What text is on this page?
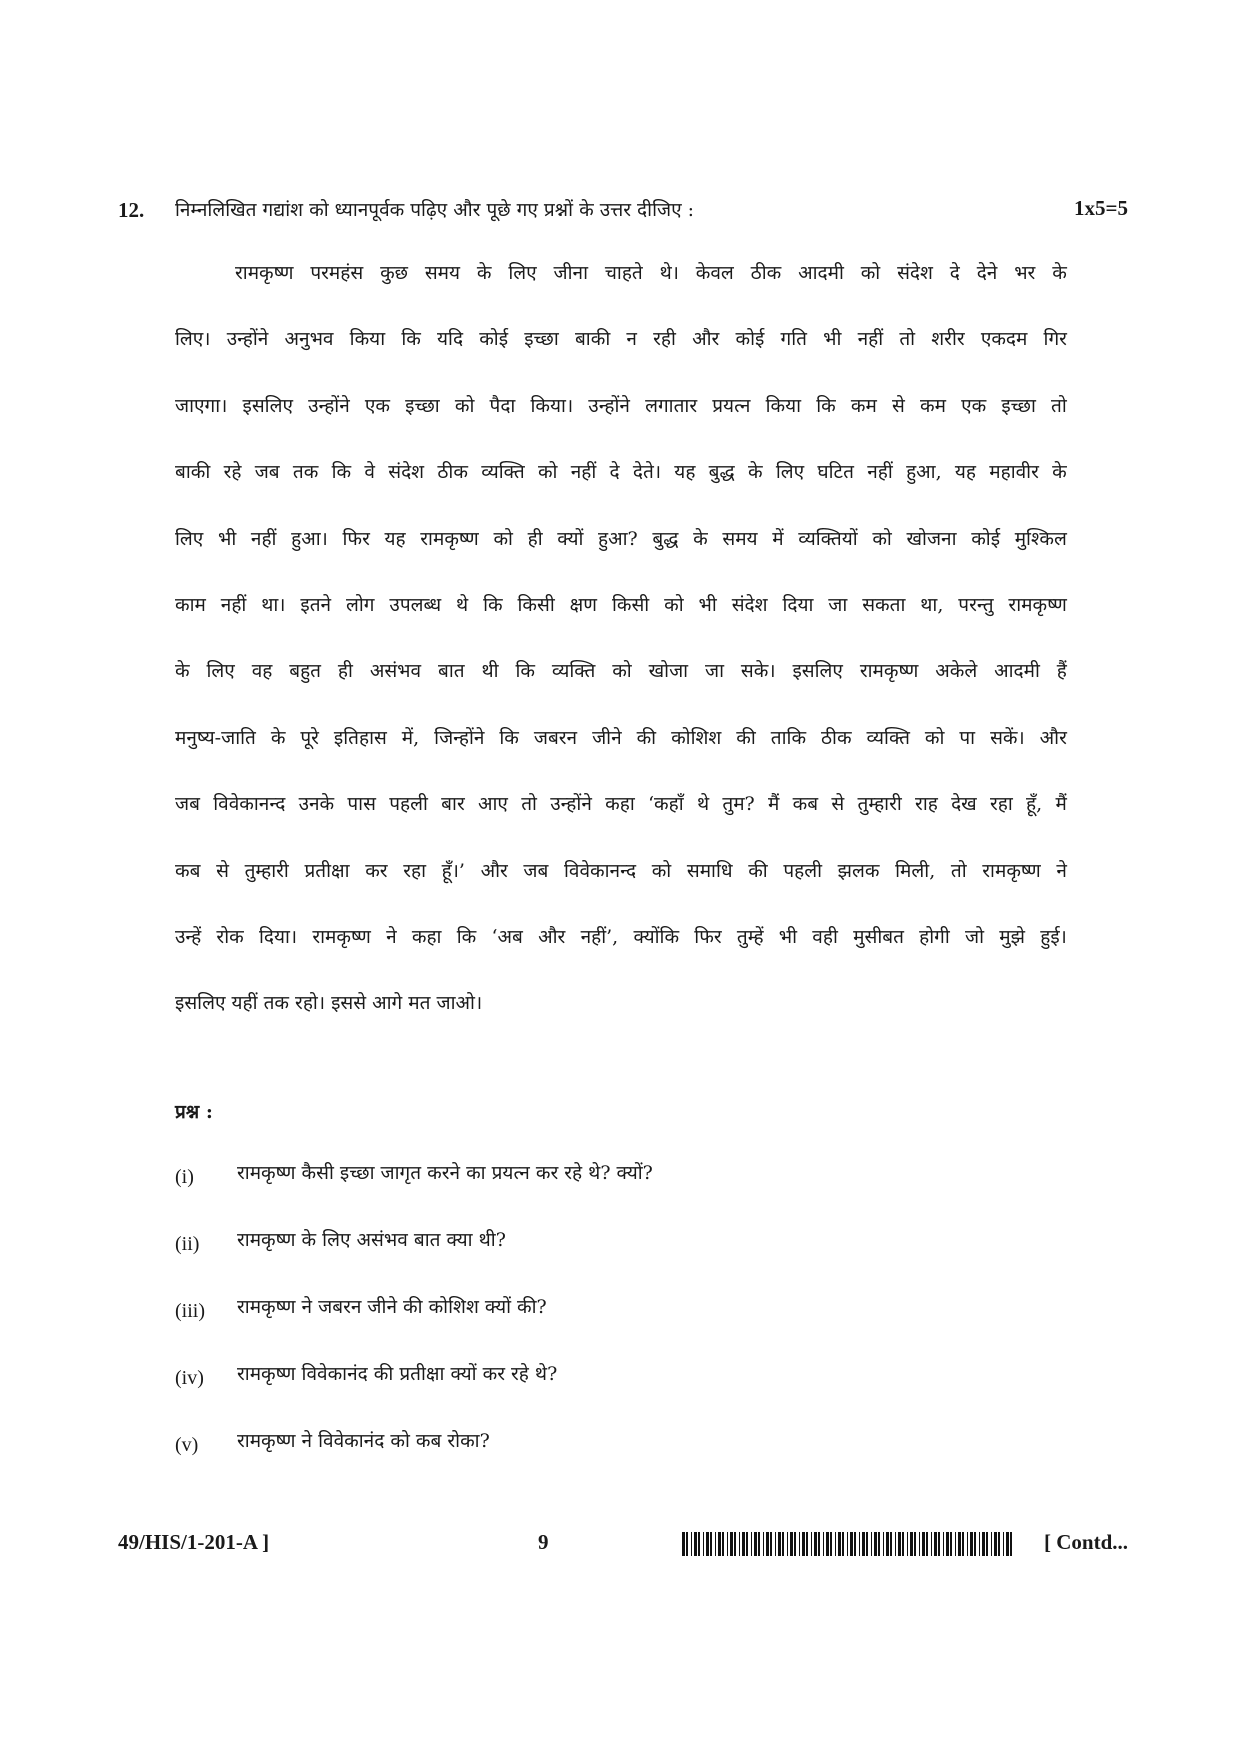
12. निम्नलिखित गद्यांश को ध्यानपूर्वक पढ़िए और पूछे गए प्रश्नों के उत्तर दीजिए :	1x5=5
रामकृष्ण परमहंस कुछ समय के लिए जीना चाहते थे। केवल ठीक आदमी को संदेश दे देने भर के
लिए। उन्होंने अनुभव किया कि यदि कोई इच्छा बाकी न रही और कोई गति भी नहीं तो शरीर एकदम गिर
जाएगा। इसलिए उन्होंने एक इच्छा को पैदा किया। उन्होंने लगातार प्रयत्न किया कि कम से कम एक इच्छा तो
बाकी रहे जब तक कि वे संदेश ठीक व्यक्ति को नहीं दे देते। यह बुद्ध के लिए घटित नहीं हुआ, यह महावीर के
लिए भी नहीं हुआ। फिर यह रामकृष्ण को ही क्यों हुआ? बुद्ध के समय में व्यक्तियों को खोजना कोई मुश्किल
काम नहीं था। इतने लोग उपलब्ध थे कि किसी क्षण किसी को भी संदेश दिया जा सकता था, परन्तु रामकृष्ण
के लिए वह बहुत ही असंभव बात थी कि व्यक्ति को खोजा जा सके। इसलिए रामकृष्ण अकेले आदमी हैं
मनुष्य-जाति के पूरे इतिहास में, जिन्होंने कि जबरन जीने की कोशिश की ताकि ठीक व्यक्ति को पा सकें। और
जब विवेकानन्द उनके पास पहली बार आए तो उन्होंने कहा ‘कहाँ थे तुम? मैं कब से तुम्हारी राह देख रहा हूँ, मैं
कब से तुम्हारी प्रतीक्षा कर रहा हूँ।’ और जब विवेकानन्द को समाधि की पहली झलक मिली, तो रामकृष्ण ने
उन्हें रोक दिया। रामकृष्ण ने कहा कि ‘अब और नहीं’, क्योंकि फिर तुम्हें भी वही मुसीबत होगी जो मुझे हुई।
इसलिए यहीं तक रहो। इससे आगे मत जाओ।
प्रश्न :
(i) रामकृष्ण कैसी इच्छा जागृत करने का प्रयत्न कर रहे थे? क्यों?
(ii) रामकृष्ण के लिए असंभव बात क्या थी?
(iii) रामकृष्ण ने जबरन जीने की कोशिश क्यों की?
(iv) रामकृष्ण विवेकानंद की प्रतीक्षा क्यों कर रहे थे?
(v) रामकृष्ण ने विवेकानंद को कब रोका?
49/HIS/1-201-A ]	9	[ Contd...
